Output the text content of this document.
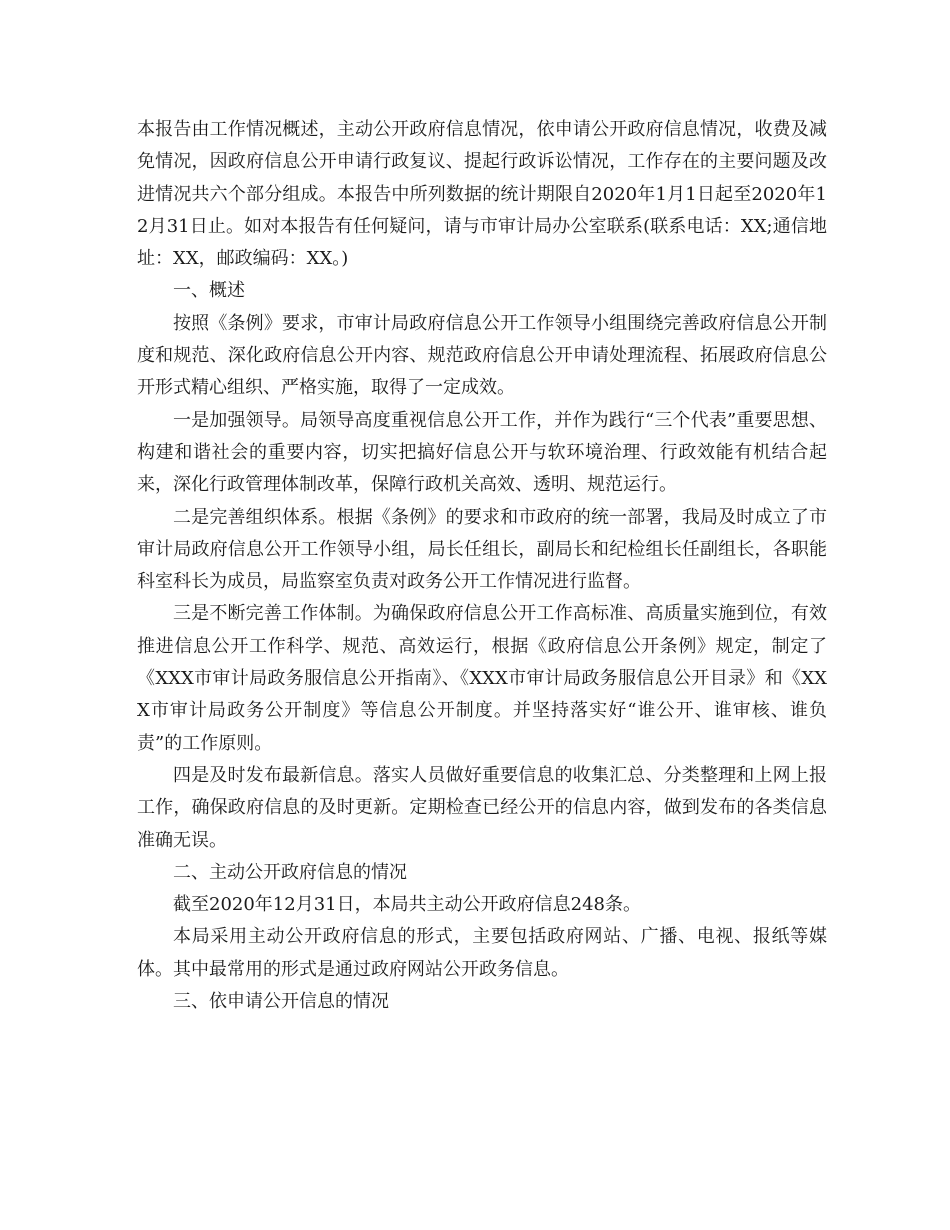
本报告由工作情况概述，主动公开政府信息情况，依申请公开政府信息情况，收费及减免情况，因政府信息公开申请行政复议、提起行政诉讼情况，工作存在的主要问题及改进情况共六个部分组成。本报告中所列数据的统计期限自2020年1月1日起至2020年12月31日止。如对本报告有任何疑问，请与市审计局办公室联系(联系电话：XX;通信地址：XX，邮政编码：XX。)

一、概述

按照《条例》要求，市审计局政府信息公开工作领导小组围绕完善政府信息公开制度和规范、深化政府信息公开内容、规范政府信息公开申请处理流程、拓展政府信息公开形式精心组织、严格实施，取得了一定成效。

一是加强领导。局领导高度重视信息公开工作，并作为践行“三个代表”重要思想、构建和谐社会的重要内容，切实把搞好信息公开与软环境治理、行政效能有机结合起来，深化行政管理体制改革，保障行政机关高效、透明、规范运行。

二是完善组织体系。根据《条例》的要求和市政府的统一部署，我局及时成立了市审计局政府信息公开工作领导小组，局长任组长，副局长和纪检组长任副组长，各职能科室科长为成员，局监察室负责对政务公开工作情况进行监督。

三是不断完善工作体制。为确保政府信息公开工作高标准、高质量实施到位，有效推进信息公开工作科学、规范、高效运行，根据《政府信息公开条例》规定，制定了《XXX市审计局政务服信息公开指南》、《XXX市审计局政务服信息公开目录》和《XXX市审计局政务公开制度》等信息公开制度。并坚持落实好“谁公开、谁审核、谁负责”的工作原则。

四是及时发布最新信息。落实人员做好重要信息的收集汇总、分类整理和上网上报工作，确保政府信息的及时更新。定期检查已经公开的信息内容，做到发布的各类信息准确无误。

二、主动公开政府信息的情况

截至2020年12月31日，本局共主动公开政府信息248条。

本局采用主动公开政府信息的形式，主要包括政府网站、广播、电视、报纸等媒体。其中最常用的形式是通过政府网站公开政务信息。

三、依申请公开信息的情况
